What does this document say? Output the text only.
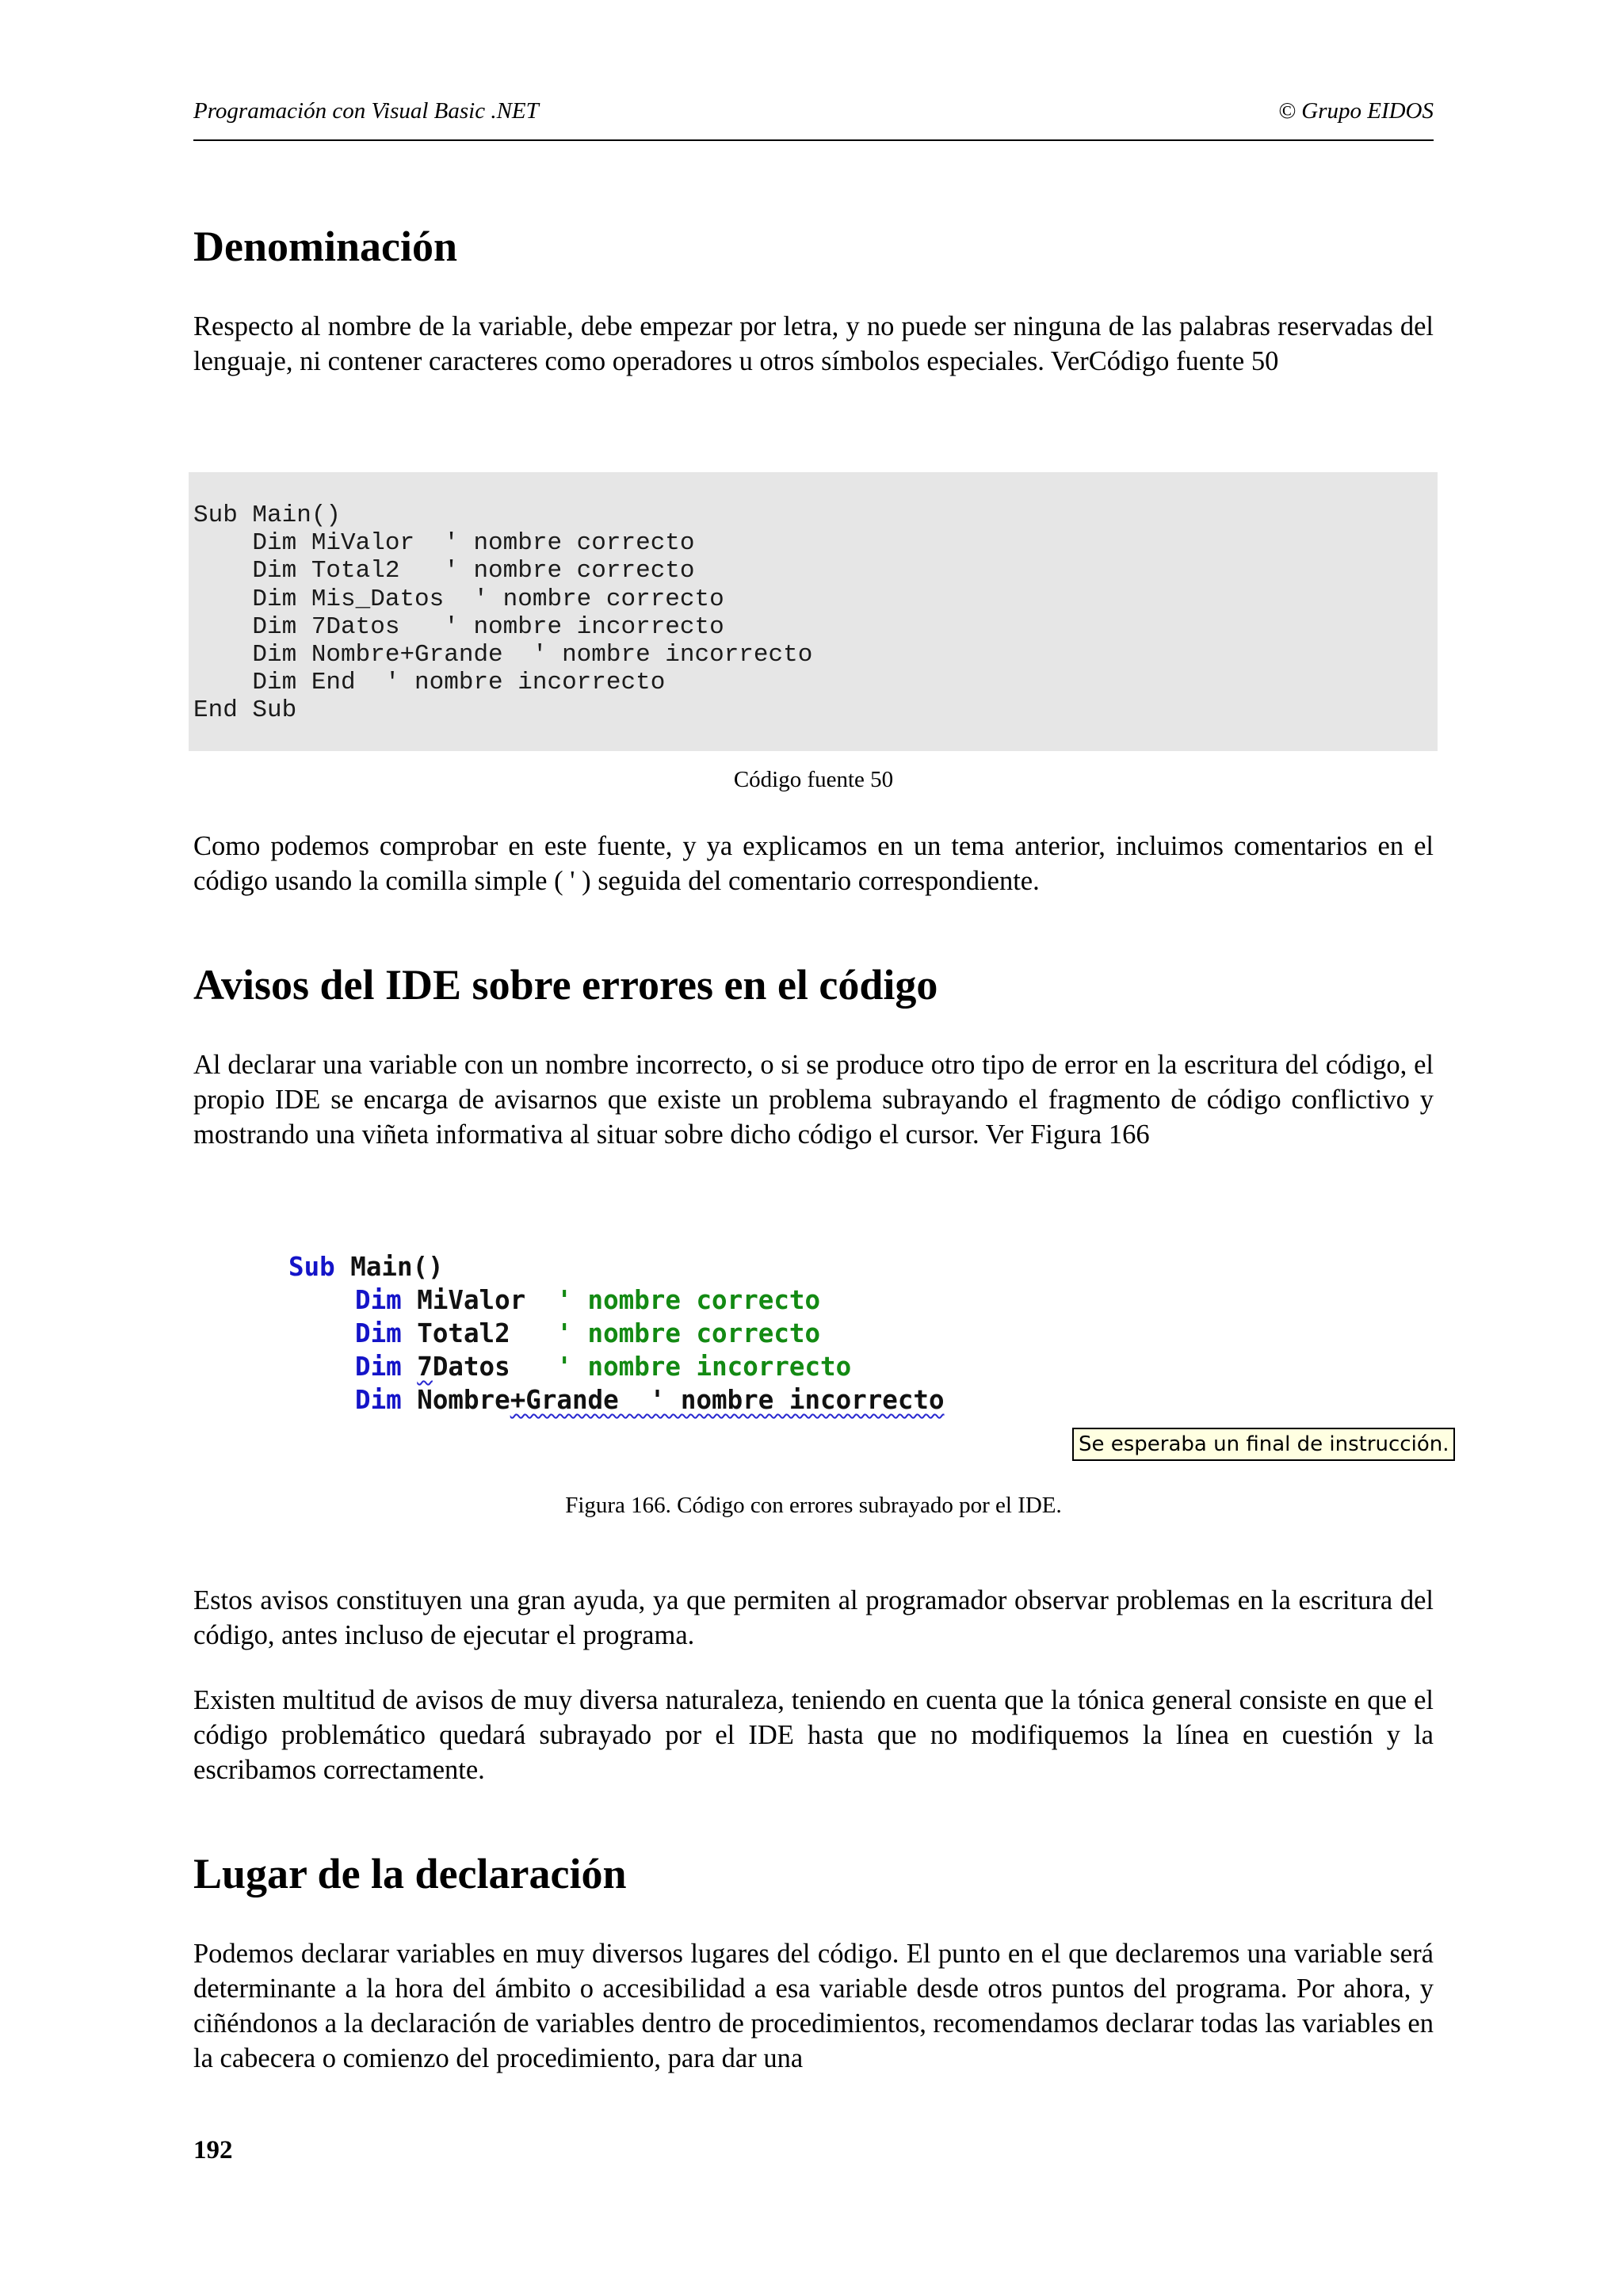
Programación con Visual Basic .NET	© Grupo EIDOS
Denominación

Respecto al nombre de la variable, debe empezar por letra, y no puede ser ninguna de las palabras reservadas del lenguaje, ni contener caracteres como operadores u otros símbolos especiales. VerCódigo fuente 50

Sub Main()
Dim MiValor  ' nombre correcto
Dim Total2   ' nombre correcto
Dim Mis_Datos  ' nombre correcto
Dim 7Datos   ' nombre incorrecto
Dim Nombre+Grande  ' nombre incorrecto
Dim End  ' nombre incorrecto
End Sub
Código fuente 50

Como podemos comprobar en este fuente, y ya explicamos en un tema anterior, incluimos comentarios en el código usando la comilla simple ( ' ) seguida del comentario correspondiente.

Avisos del IDE sobre errores en el código

Al declarar una variable con un nombre incorrecto, o si se produce otro tipo de error en la escritura del código, el propio IDE se encarga de avisarnos que existe un problema subrayando el fragmento de código conflictivo y mostrando una viñeta informativa al situar sobre dicho código el cursor. Ver Figura 166

Sub Main()
Dim MiValor ' nombre correcto
Dim Total2 ' nombre correcto
Dim 7Datos ' nombre incorrecto
Dim Nombre+Grande  ' nombre incorrecto
Se esperaba un final de instrucción.
Figura 166. Código con errores subrayado por el IDE.

Estos avisos constituyen una gran ayuda, ya que permiten al programador observar problemas en la escritura del código, antes incluso de ejecutar el programa.

Existen multitud de avisos de muy diversa naturaleza, teniendo en cuenta que la tónica general consiste en que el código problemático quedará subrayado por el IDE hasta que no modifiquemos la línea en cuestión y la escribamos correctamente.

Lugar de la declaración

Podemos declarar variables en muy diversos lugares del código. El punto en el que declaremos una variable será determinante a la hora del ámbito o accesibilidad a esa variable desde otros puntos del programa. Por ahora, y ciñéndonos a la declaración de variables dentro de procedimientos, recomendamos declarar todas las variables en la cabecera o comienzo del procedimiento, para dar una

192
